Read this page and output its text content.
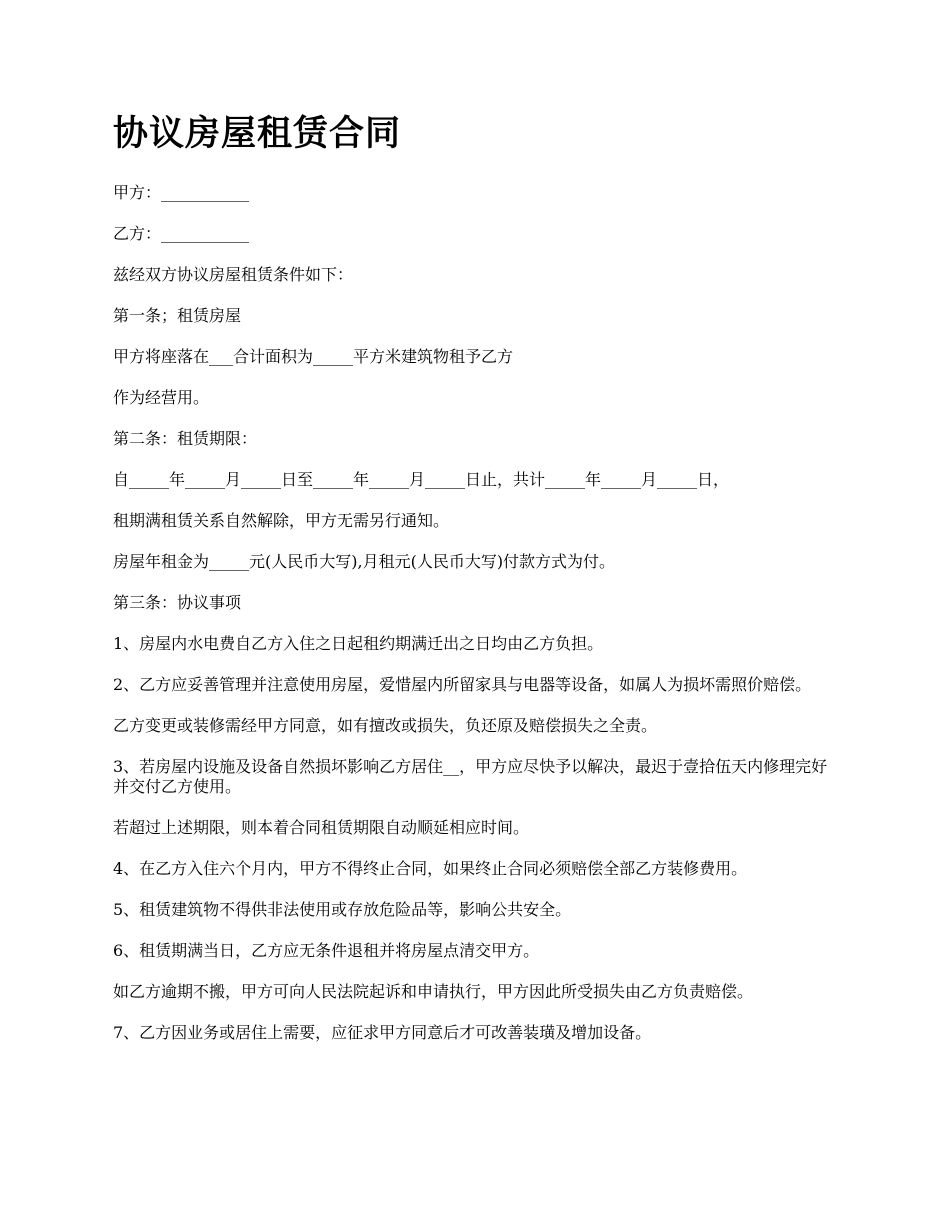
协议房屋租赁合同

甲方：___________

乙方：___________

兹经双方协议房屋租赁条件如下：

第一条；租赁房屋

甲方将座落在___合计面积为_____平方米建筑物租予乙方

作为经营用。

第二条：租赁期限：

自_____年_____月_____日至_____年_____月_____日止，共计_____年_____月_____日，

租期满租赁关系自然解除，甲方无需另行通知。

房屋年租金为_____元(人民币大写),月租元(人民币大写)付款方式为付。

第三条：协议事项

1、房屋内水电费自乙方入住之日起租约期满迁出之日均由乙方负担。

2、乙方应妥善管理并注意使用房屋，爱惜屋内所留家具与电器等设备，如属人为损坏需照价赔偿。

乙方变更或装修需经甲方同意，如有擅改或损失，负还原及赔偿损失之全责。

3、若房屋内设施及设备自然损坏影响乙方居住__，甲方应尽快予以解决，最迟于壹拾伍天内修理完好并交付乙方使用。

若超过上述期限，则本着合同租赁期限自动顺延相应时间。

4、在乙方入住六个月内，甲方不得终止合同，如果终止合同必须赔偿全部乙方装修费用。

5、租赁建筑物不得供非法使用或存放危险品等，影响公共安全。

6、租赁期满当日，乙方应无条件退租并将房屋点清交甲方。

如乙方逾期不搬，甲方可向人民法院起诉和申请执行，甲方因此所受损失由乙方负责赔偿。

7、乙方因业务或居住上需要，应征求甲方同意后才可改善装璜及增加设备。
